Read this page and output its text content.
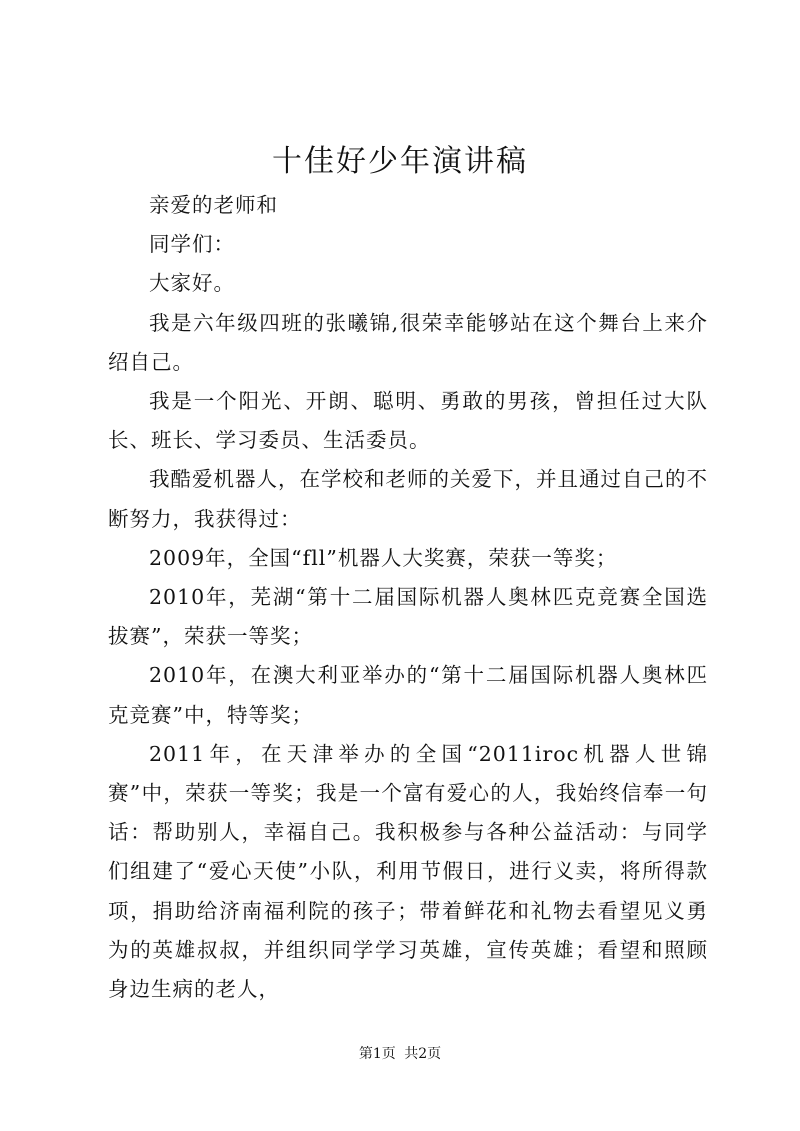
十佳好少年演讲稿

亲爱的老师和

同学们：

大家好。

我是六年级四班的张曦锦,很荣幸能够站在这个舞台上来介绍自己。

我是一个阳光、开朗、聪明、勇敢的男孩，曾担任过大队长、班长、学习委员、生活委员。

我酷爱机器人，在学校和老师的关爱下，并且通过自己的不断努力，我获得过：

2009年，全国“fll”机器人大奖赛，荣获一等奖；

2010年，芜湖“第十二届国际机器人奥林匹克竞赛全国选拔赛”，荣获一等奖；

2010年，在澳大利亚举办的“第十二届国际机器人奥林匹克竞赛”中，特等奖；

2011年，在天津举办的全国“2011iroc机器人世锦赛”中，荣获一等奖；我是一个富有爱心的人，我始终信奉一句话：帮助别人，幸福自己。我积极参与各种公益活动：与同学们组建了“爱心天使”小队，利用节假日，进行义卖，将所得款项，捐助给济南福利院的孩子；带着鲜花和礼物去看望见义勇为的英雄叔叔，并组织同学学习英雄，宣传英雄；看望和照顾身边生病的老人，

第1页 共2页
